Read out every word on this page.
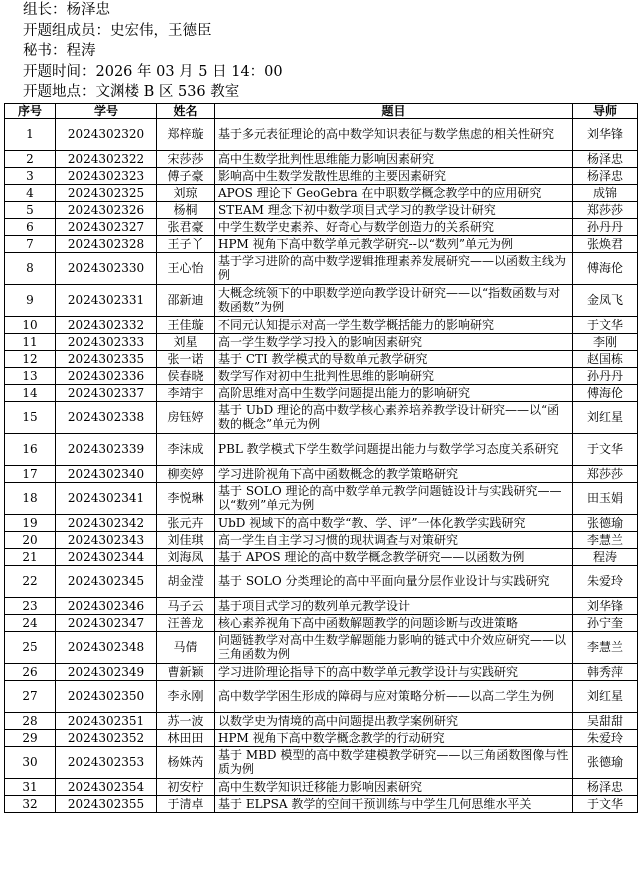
组长：杨泽忠
开题组成员：史宏伟，王德臣
秘书：程涛
开题时间：2026 年 03 月 5 日 14：00
开题地点：文渊楼 B 区 536 教室
序号	学号	姓名	题目	导师
1	2024302320	郑梓璇	基于多元表征理论的高中数学知识表征与数学焦虑的相关性研究	刘华锋
2	2024302322	宋莎莎	高中生数学批判性思维能力影响因素研究	杨泽忠
3	2024302323	傅子豪	影响高中生数学发散性思维的主要因素研究	杨泽忠
4	2024302325	刘琼	APOS 理论下 GeoGebra 在中职数学概念教学中的应用研究	成锦
5	2024302326	杨桐	STEAM 理念下初中数学项目式学习的教学设计研究	郑莎莎
6	2024302327	张君豪	中学生数学史素养、好奇心与数学创造力的关系研究	孙丹丹
7	2024302328	王子丫	HPM 视角下高中数学单元教学研究--以“数列”单元为例	张焕君
8	2024302330	王心怡	基于学习进阶的高中数学逻辑推理素养发展研究——以函数主线为例	傅海伦
9	2024302331	邵新迪	大概念统领下的中职数学逆向教学设计研究——以“指数函数与对数函数”为例	金凤飞
10	2024302332	王佳璇	不同元认知提示对高一学生数学概括能力的影响研究	于文华
11	2024302333	刘星	高一学生数学学习投入的影响因素研究	李刚
12	2024302335	张一诺	基于 CTI 教学模式的导数单元教学研究	赵国栋
13	2024302336	侯春晓	数学写作对初中生批判性思维的影响研究	孙丹丹
14	2024302337	李靖宇	高阶思维对高中生数学问题提出能力的影响研究	傅海伦
15	2024302338	房钰婷	基于 UbD 理论的高中数学核心素养培养教学设计研究——以“函数的概念”单元为例	刘红星
16	2024302339	李沫成	PBL 教学模式下学生数学问题提出能力与数学学习态度关系研究	于文华
17	2024302340	柳奕婷	学习进阶视角下高中函数概念的教学策略研究	郑莎莎
18	2024302341	李悦琳	基于 SOLO 理论的高中数学单元教学问题链设计与实践研究——以“数列”单元为例	田玉娟
19	2024302342	张元卉	UbD 视域下的高中数学“教、学、评”一体化教学实践研究	张德瑜
20	2024302343	刘佳琪	高一学生自主学习习惯的现状调查与对策研究	李慧兰
21	2024302344	刘海凤	基于 APOS 理论的高中数学概念教学研究——以函数为例	程涛
22	2024302345	胡金滢	基于 SOLO 分类理论的高中平面向量分层作业设计与实践研究	朱爱玲
23	2024302346	马子云	基于项目式学习的数列单元教学设计	刘华锋
24	2024302347	汪善龙	核心素养视角下高中函数解题教学的问题诊断与改进策略	孙宁奎
25	2024302348	马倩	问题链教学对高中生数学解题能力影响的链式中介效应研究——以三角函数为例	李慧兰
26	2024302349	曹新颖	学习进阶理论指导下的高中数学单元教学设计与实践研究	韩秀萍
27	2024302350	李永刚	高中数学学困生形成的障碍与应对策略分析——以高二学生为例	刘红星
28	2024302351	苏一波	以数学史为情境的高中问题提出教学案例研究	吴甜甜
29	2024302352	林田田	HPM 视角下高中数学概念教学的行动研究	朱爱玲
30	2024302353	杨姝芮	基于 MBD 模型的高中数学建模教学研究——以三角函数图像与性质为例	张德瑜
31	2024302354	初安柠	高中生数学知识迁移能力影响因素研究	杨泽忠
32	2024302355	于清卓	基于 ELPSA 教学的空间干预训练与中学生几何思维水平关	于文华
